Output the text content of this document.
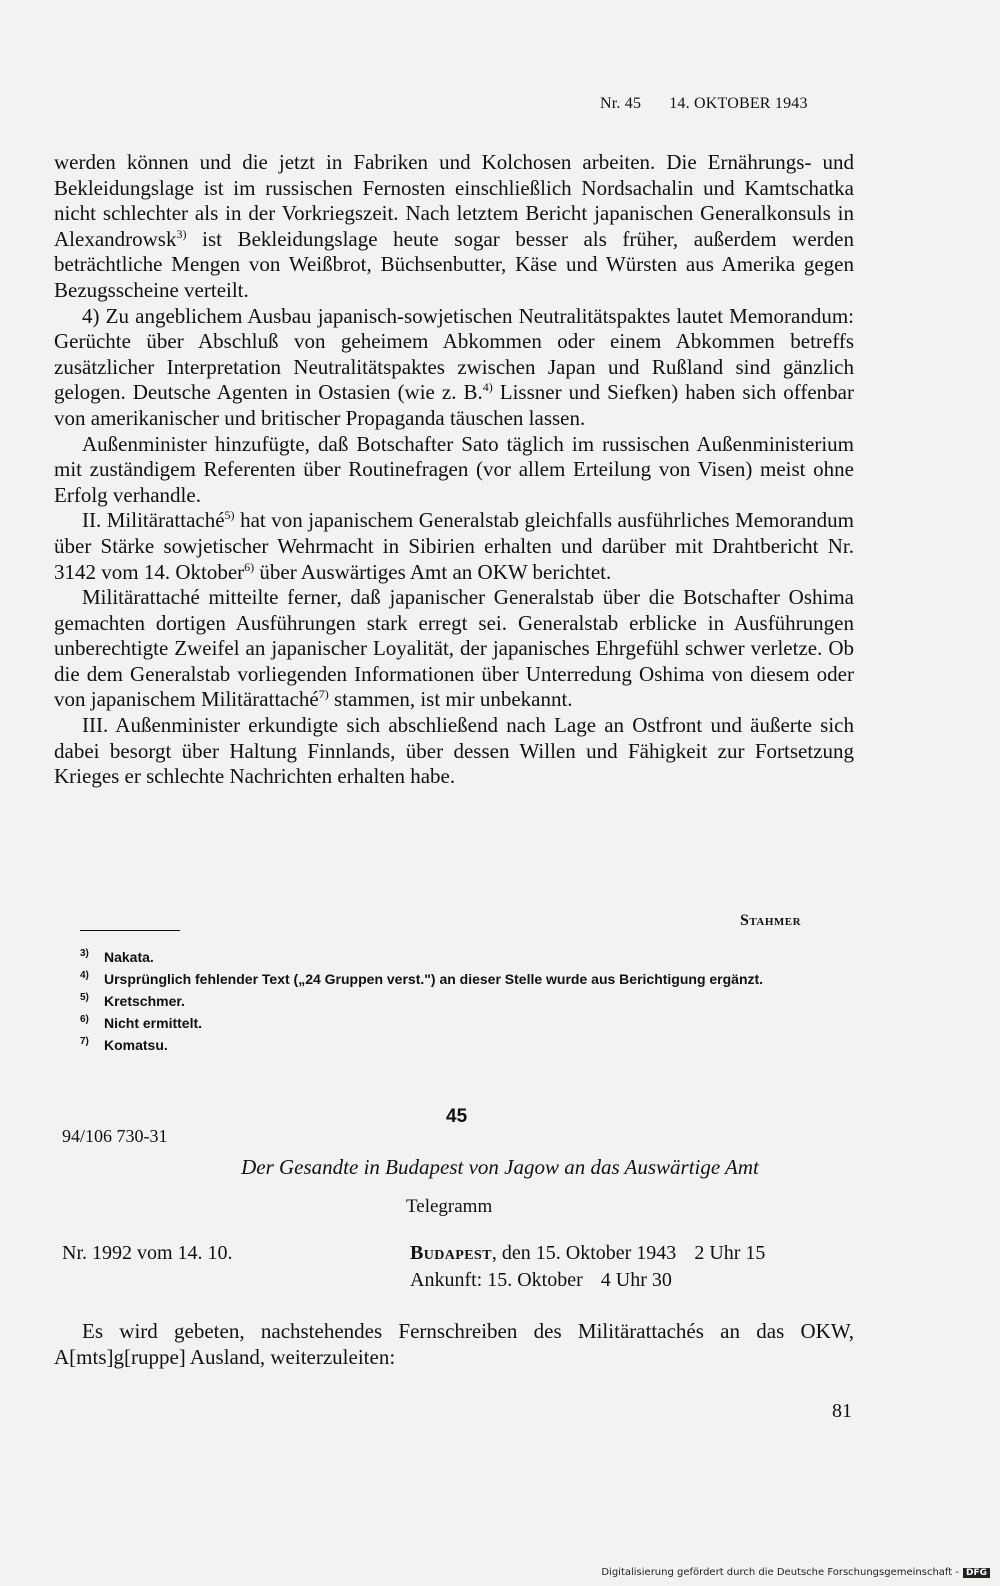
Nr. 45 14. OKTOBER 1943

werden können und die jetzt in Fabriken und Kolchosen arbeiten. Die Ernährungs- und Bekleidungslage ist im russischen Fernosten einschließlich Nordsachalin und Kamtschatka nicht schlechter als in der Vorkriegszeit. Nach letztem Bericht japanischen Generalkonsuls in Alexandrowsk$^{3)}$ ist Bekleidungslage heute sogar besser als früher, außerdem werden beträchtliche Mengen von Weißbrot, Büchsenbutter, Käse und Würsten aus Amerika gegen Bezugsscheine verteilt.

4) Zu angeblichem Ausbau japanisch-sowjetischen Neutralitätspaktes lautet Memorandum: Gerüchte über Abschluß von geheimem Abkommen oder einem Abkommen betreffs zusätzlicher Interpretation Neutralitätspaktes zwischen Japan und Rußland sind gänzlich gelogen. Deutsche Agenten in Ostasien (wie z. B.$^{4)}$ Lissner und Siefken) haben sich offenbar von amerikanischer und britischer Propaganda täuschen lassen.

Außenminister hinzufügte, daß Botschafter Sato täglich im russischen Außenministerium mit zuständigem Referenten über Routinefragen (vor allem Erteilung von Visen) meist ohne Erfolg verhandle.

II. Militärattaché$^{5)}$ hat von japanischem Generalstab gleichfalls ausführliches Memorandum über Stärke sowjetischer Wehrmacht in Sibirien erhalten und darüber mit Drahtbericht Nr. 3142 vom 14. Oktober$^{6)}$ über Auswärtiges Amt an OKW berichtet.

Militärattaché mitteilte ferner, daß japanischer Generalstab über die Botschafter Oshima gemachten dortigen Ausführungen stark erregt sei. Generalstab erblicke in Ausführungen unberechtigte Zweifel an japanischer Loyalität, der japanisches Ehrgefühl schwer verletze. Ob die dem Generalstab vorliegenden Informationen über Unterredung Oshima von diesem oder von japanischem Militärattaché$^{7)}$ stammen, ist mir unbekannt.

III. Außenminister erkundigte sich abschließend nach Lage an Ostfront und äußerte sich dabei besorgt über Haltung Finnlands, über dessen Willen und Fähigkeit zur Fortsetzung Krieges er schlechte Nachrichten erhalten habe.

Stahmer
3) Nakata.
4) Ursprünglich fehlender Text („24 Gruppen verst.") an dieser Stelle wurde aus Berichtigung ergänzt.
5) Kretschmer.
6) Nicht ermittelt.
7) Komatsu.
45
94/106 730-31
Der Gesandte in Budapest von Jagow an das Auswärtige Amt
Telegramm
Nr. 1992 vom 14. 10.	Budapest, den 15. Oktober 1943 2 Uhr 15
Ankunft: 15. Oktober 4 Uhr 30
Es wird gebeten, nachstehendes Fernschreiben des Militärattachés an das OKW, A[mts]g[ruppe] Ausland, weiterzuleiten:
81
Digitalisierung gefördert durch die Deutsche Forschungsgemeinschaft - DFG
